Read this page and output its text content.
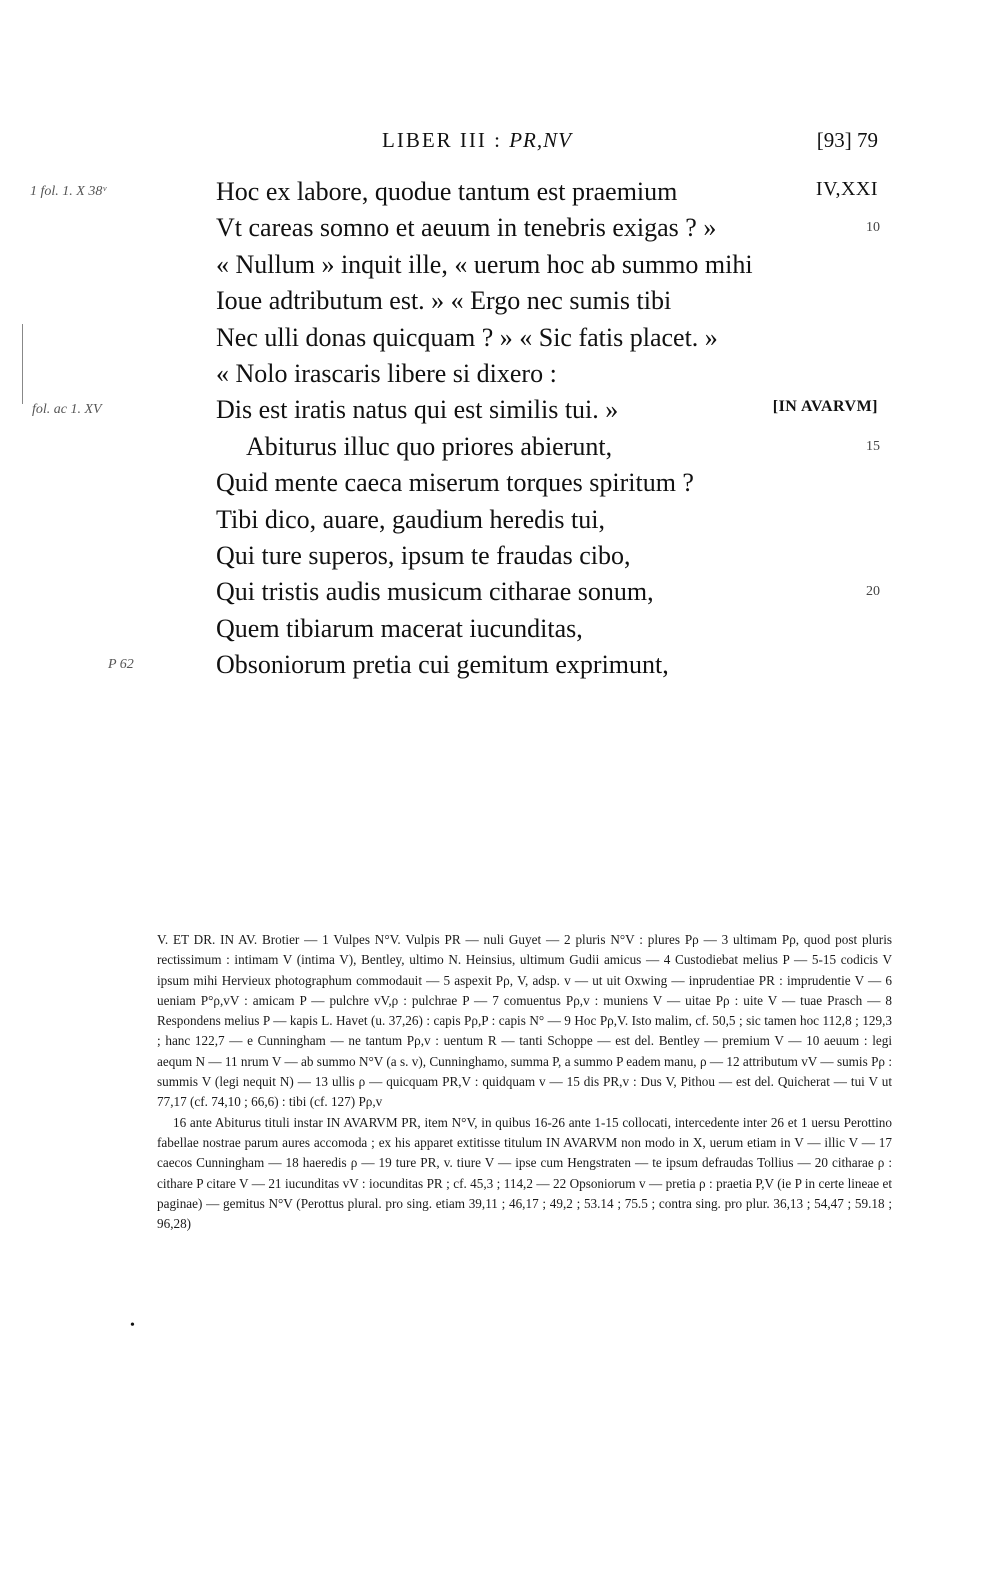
LIBER III : PR,NV	[93] 79
1 fol. 1. X 38ᵛ	Hoc ex labore, quodue tantum est praemium	IV,XXI
Vt careas somno et aeuum in tenebris exigas ? »	10
« Nullum » inquit ille, « uerum hoc ab summo mihi
Ioue adtributum est. » « Ergo nec sumis tibi
Nec ulli donas quicquam ? » « Sic fatis placet. »
« Nolo irascaris libere si dixero :
fol. ac 1. XV	Dis est iratis natus qui est similis tui. »	[IN AVARVM]
Abiturus illuc quo priores abierunt,	15
Quid mente caeca miserum torques spiritum ?
Tibi dico, auare, gaudium heredis tui,
Qui ture superos, ipsum te fraudas cibo,
Qui tristis audis musicum citharae sonum,	20
Quem tibiarum macerat iucunditas,
P 62	Obsoniorum pretia cui gemitum exprimunt,

V. ET DR. IN AV. Brotier — 1 Vulpes N°V. Vulpis PR — nuli Guyet — 2 pluris N°V : plures Pρ — 3 ultimam Pρ, quod post pluris rectissimum : intimam V (intima V), Bentley, ultimo N. Heinsius, ultimum Gudii amicus — 4 Custodiebat melius P — 5-15 codicis V ipsum mihi Hervieux photographum commodauit — 5 aspexit Pρ, V, adsp. v — ut uit Oxwing — inprudentiae PR : imprudentie V — 6 ueniam P°ρ,vV : amicam P — pulchre vV,ρ : pulchrae P — 7 comuentus Pρ,v : muniens V — uitae Pρ : uite V — tuae Prasch — 8 Respondens melius P — kapis L. Havet (u. 37,26) : capis Pρ,P : capis N° — 9 Hoc Pρ,V. Isto malim, cf. 50,5 ; sic tamen hoc 112,8 ; 129,3 ; hanc 122,7 — e Cunningham — ne tantum Pρ,v : uentum R — tanti Schoppe — est del. Bentley — premium V — 10 aeuum : legi aequm N — 11 nrum V — ab summo N°V (a s. v), Cunninghamo, summa P, a summo P eadem manu, ρ — 12 attributum vV — sumis Pρ : summis V (legi nequit N) — 13 ullis ρ — quicquam PR,V : quidquam v — 15 dis PR,v : Dus V, Pithou — est del. Quicherat — tui V ut 77,17 (cf. 74,10 ; 66,6) : tibi (cf. 127) Pρ,v

16 ante Abiturus tituli instar IN AVARVM PR, item N°V, in quibus 16-26 ante 1-15 collocati, intercedente inter 26 et 1 uersu Perottino fabellae nostrae parum aures accomoda ; ex his apparet extitisse titulum IN AVARVM non modo in X, uerum etiam in V — illic V — 17 caecos Cunningham — 18 haeredis ρ — 19 ture PR, v. tiure V — ipse cum Hengstraten — te ipsum defraudas Tollius — 20 citharae ρ : cithare P citare V — 21 iucunditas vV : iocunditas PR ; cf. 45,3 ; 114,2 — 22 Opsoniorum v — pretia ρ : praetia P,V (ie P in certe lineae et paginae) — gemitus N°V (Perottus plural. pro sing. etiam 39,11 ; 46,17 ; 49,2 ; 53.14 ; 75.5 ; contra sing. pro plur. 36,13 ; 54,47 ; 59.18 ; 96,28)

•
